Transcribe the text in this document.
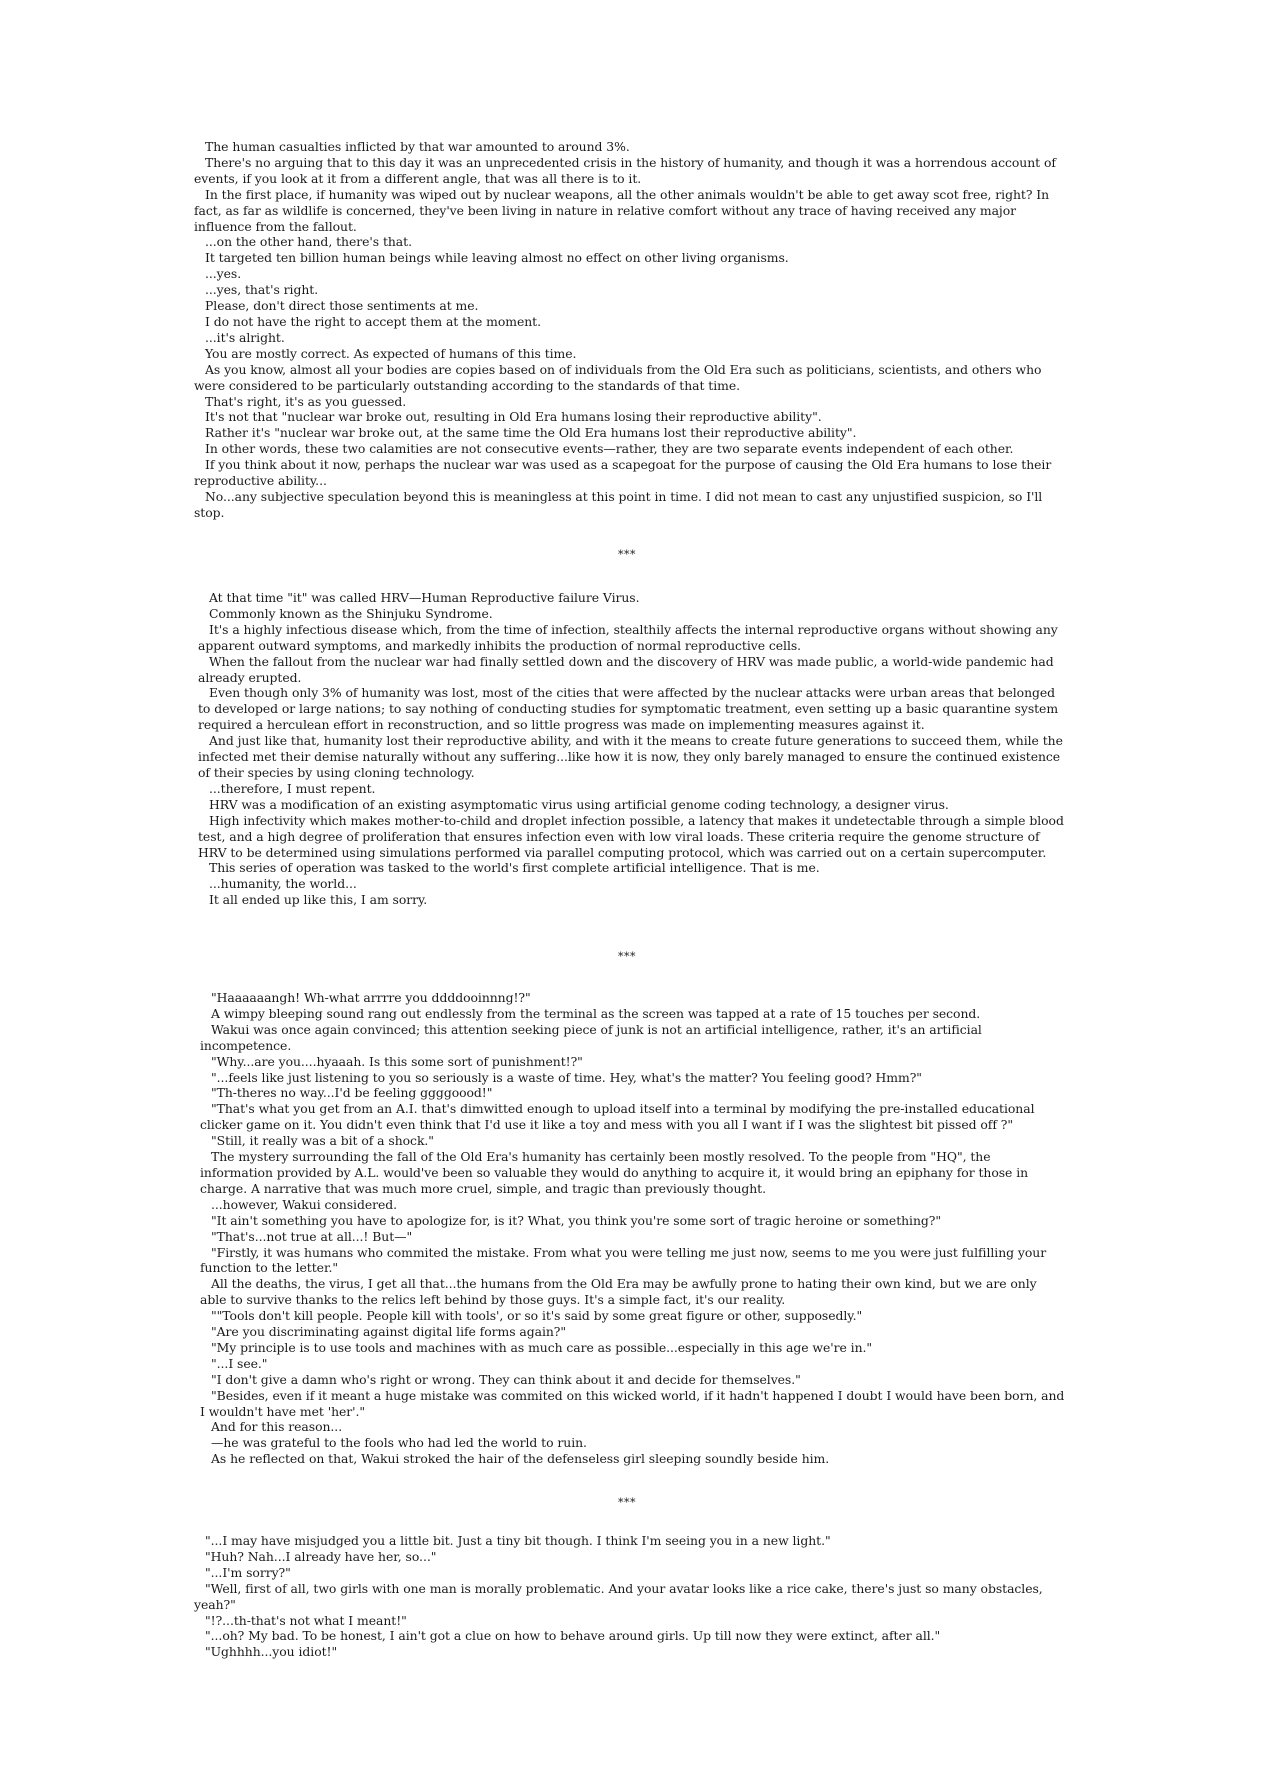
The human casualties inflicted by that war amounted to around 3%.

There's no arguing that to this day it was an unprecedented crisis in the history of humanity, and though it was a horrendous account of events, if you look at it from a different angle, that was all there is to it.

In the first place, if humanity was wiped out by nuclear weapons, all the other animals wouldn't be able to get away scot free, right? In fact, as far as wildlife is concerned, they've been living in nature in relative comfort without any trace of having received any major influence from the fallout.

...on the other hand, there's that.

It targeted ten billion human beings while leaving almost no effect on other living organisms.

...yes.

...yes, that's right.

Please, don't direct those sentiments at me.

I do not have the right to accept them at the moment.

...it's alright.

You are mostly correct. As expected of humans of this time.

As you know, almost all your bodies are copies based on of individuals from the Old Era such as politicians, scientists, and others who were considered to be particularly outstanding according to the standards of that time.

That's right, it's as you guessed.

It's not that "nuclear war broke out, resulting in Old Era humans losing their reproductive ability".

Rather it's "nuclear war broke out, at the same time the Old Era humans lost their reproductive ability".

In other words, these two calamities are not consecutive events—rather, they are two separate events independent of each other.

If you think about it now, perhaps the nuclear war was used as a scapegoat for the purpose of causing the Old Era humans to lose their reproductive ability...

No...any subjective speculation beyond this is meaningless at this point in time. I did not mean to cast any unjustified suspicion, so I'll stop.

***

At that time "it" was called HRV—Human Reproductive failure Virus.

Commonly known as the Shinjuku Syndrome.

It's a highly infectious disease which, from the time of infection, stealthily affects the internal reproductive organs without showing any apparent outward symptoms, and markedly inhibits the production of normal reproductive cells.

When the fallout from the nuclear war had finally settled down and the discovery of HRV was made public, a world-wide pandemic had already erupted.

Even though only 3% of humanity was lost, most of the cities that were affected by the nuclear attacks were urban areas that belonged to developed or large nations; to say nothing of conducting studies for symptomatic treatment, even setting up a basic quarantine system required a herculean effort in reconstruction, and so little progress was made on implementing measures against it.

And just like that, humanity lost their reproductive ability, and with it the means to create future generations to succeed them, while the infected met their demise naturally without any suffering...like how it is now, they only barely managed to ensure the continued existence of their species by using cloning technology.

...therefore, I must repent.

HRV was a modification of an existing asymptomatic virus using artificial genome coding technology, a designer virus.

High infectivity which makes mother-to-child and droplet infection possible, a latency that makes it undetectable through a simple blood test, and a high degree of proliferation that ensures infection even with low viral loads. These criteria require the genome structure of HRV to be determined using simulations performed via parallel computing protocol, which was carried out on a certain supercomputer.

This series of operation was tasked to the world's first complete artificial intelligence. That is me.

...humanity, the world...

It all ended up like this, I am sorry.

***

"Haaaaaangh! Wh-what arrrre you ddddooinnng!?"

A wimpy bleeping sound rang out endlessly from the terminal as the screen was tapped at a rate of 15 touches per second.

Wakui was once again convinced; this attention seeking piece of junk is not an artificial intelligence, rather, it's an artificial incompetence.

"Why...are you....hyaaah. Is this some sort of punishment!?"

"...feels like just listening to you so seriously is a waste of time. Hey, what's the matter? You feeling good? Hmm?"

"Th-theres no way...I'd be feeling ggggoood!"

"That's what you get from an A.I. that's dimwitted enough to upload itself into a terminal by modifying the pre-installed educational clicker game on it. You didn't even think that I'd use it like a toy and mess with you all I want if I was the slightest bit pissed off ?"

"Still, it really was a bit of a shock."

The mystery surrounding the fall of the Old Era's humanity has certainly been mostly resolved. To the people from "HQ", the information provided by A.L. would've been so valuable they would do anything to acquire it, it would bring an epiphany for those in charge. A narrative that was much more cruel, simple, and tragic than previously thought.

...however, Wakui considered.

"It ain't something you have to apologize for, is it? What, you think you're some sort of tragic heroine or something?"

"That's...not true at all...! But—"

"Firstly, it was humans who commited the mistake. From what you were telling me just now, seems to me you were just fulfilling your function to the letter."

All the deaths, the virus, I get all that...the humans from the Old Era may be awfully prone to hating their own kind, but we are only able to survive thanks to the relics left behind by those guys. It's a simple fact, it's our reality.

""Tools don't kill people. People kill with tools', or so it's said by some great figure or other, supposedly."

"Are you discriminating against digital life forms again?"

"My principle is to use tools and machines with as much care as possible...especially in this age we're in."

"...I see."

"I don't give a damn who's right or wrong. They can think about it and decide for themselves."

"Besides, even if it meant a huge mistake was commited on this wicked world, if it hadn't happened I doubt I would have been born, and I wouldn't have met 'her'."

And for this reason...

—he was grateful to the fools who had led the world to ruin.

As he reflected on that, Wakui stroked the hair of the defenseless girl sleeping soundly beside him.

***

"...I may have misjudged you a little bit. Just a tiny bit though. I think I'm seeing you in a new light."

"Huh? Nah...I already have her, so..."

"...I'm sorry?"

"Well, first of all, two girls with one man is morally problematic. And your avatar looks like a rice cake, there's just so many obstacles, yeah?"

"!?...th-that's not what I meant!"

"...oh? My bad. To be honest, I ain't got a clue on how to behave around girls. Up till now they were extinct, after all."

"Ughhhh...you idiot!"
